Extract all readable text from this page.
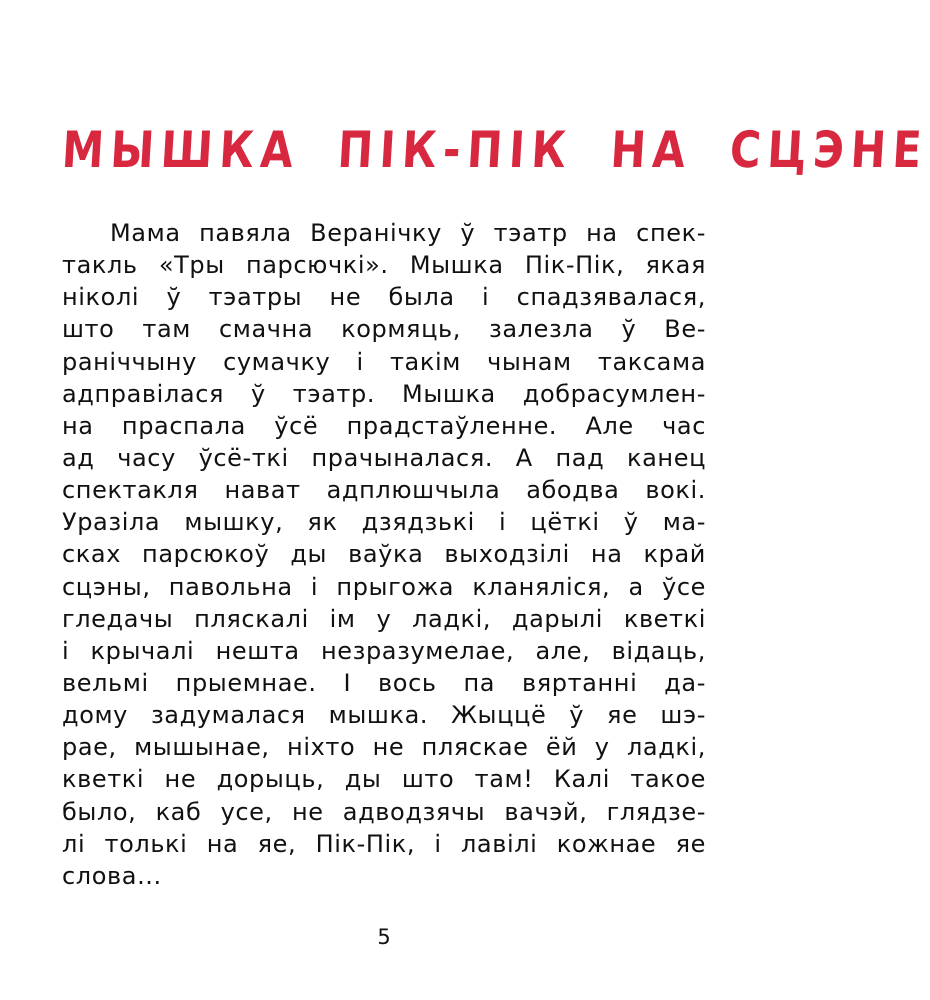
МЫШКА ПІК-ПІК НА СЦЭНЕ
Мама павяла Веранічку ў тэатр на спек-
такль «Тры парсючкі». Мышка Пік-Пік, якая
ніколі ў тэатры не была і спадзявалася,
што там смачна кормяць, залезла ў Ве-
раніччыну сумачку і такім чынам таксама
адправілася ў тэатр. Мышка добрасумлен-
на праспала ўсё прадстаўленне. Але час
ад часу ўсё-ткі прачыналася. А пад канец
спектакля нават адплюшчыла абодва вокі.
Уразіла мышку, як дзядзькі і цёткі ў ма-
сках парсюкоў ды ваўка выходзілі на край
сцэны, павольна і прыгожа кланяліся, а ўсе
гледачы пляскалі ім у ладкі, дарылі кветкі
і крычалі нешта незразумелае, але, відаць,
вельмі прыемнае. І вось па вяртанні да-
дому задумалася мышка. Жыццё ў яе шэ-
рае, мышынае, ніхто не пляскае ёй у ладкі,
кветкі не дорыць, ды што там! Калі такое
было, каб усе, не адводзячы вачэй, глядзе-
лі толькі на яе, Пік-Пік, і лавілі кожнае яе
слова...
5
